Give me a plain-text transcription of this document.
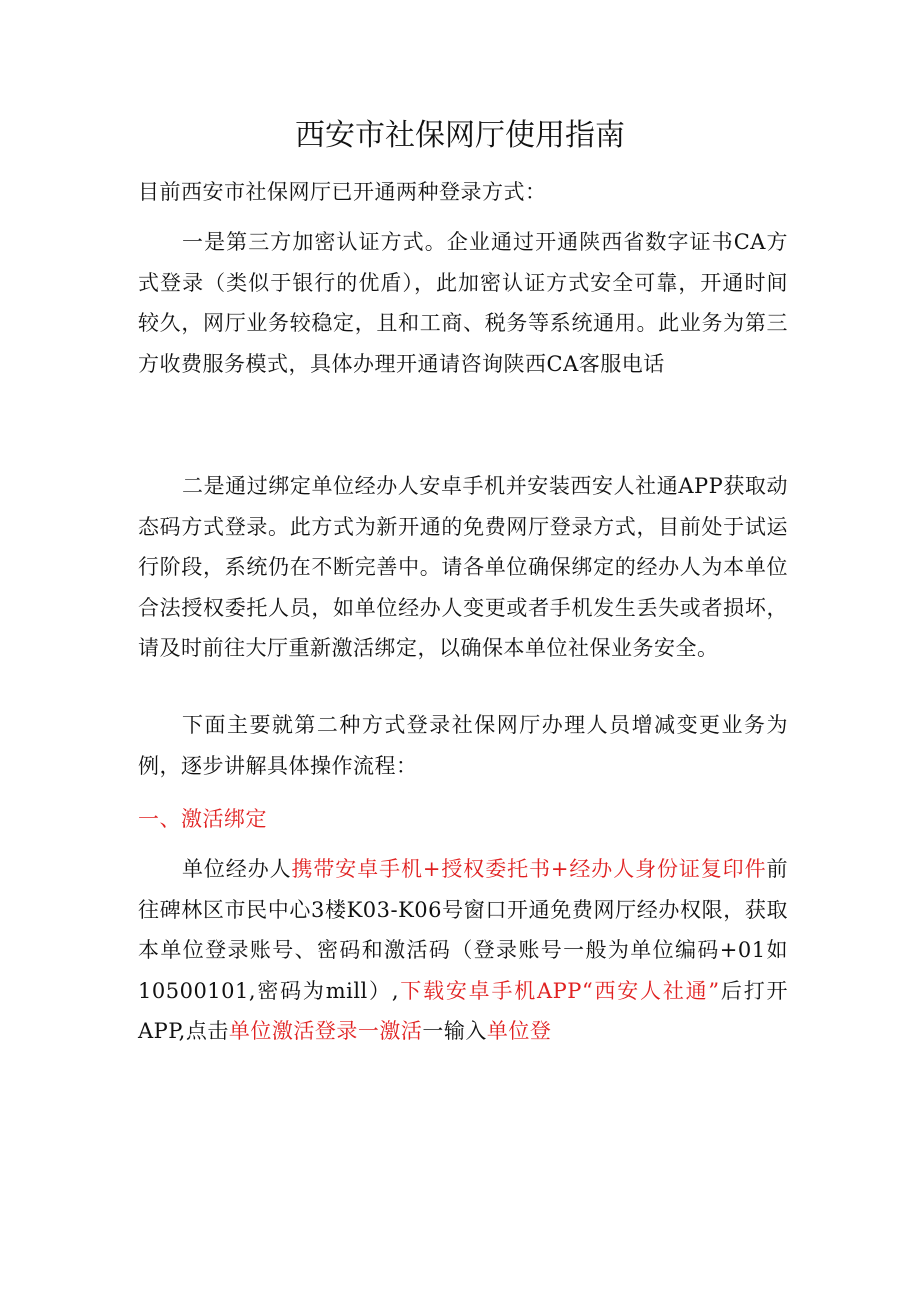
西安市社保网厅使用指南

目前西安市社保网厅已开通两种登录方式：

一是第三方加密认证方式。企业通过开通陕西省数字证书CA方式登录（类似于银行的优盾），此加密认证方式安全可靠，开通时间较久，网厅业务较稳定，且和工商、税务等系统通用。此业务为第三方收费服务模式，具体办理开通请咨询陕西CA客服电话

二是通过绑定单位经办人安卓手机并安装西安人社通APP获取动态码方式登录。此方式为新开通的免费网厅登录方式，目前处于试运行阶段，系统仍在不断完善中。请各单位确保绑定的经办人为本单位合法授权委托人员，如单位经办人变更或者手机发生丢失或者损坏，请及时前往大厅重新激活绑定，以确保本单位社保业务安全。

下面主要就第二种方式登录社保网厅办理人员增减变更业务为例，逐步讲解具体操作流程：

一、激活绑定

单位经办人携带安卓手机+授权委托书+经办人身份证复印件前往碑林区市民中心3楼K03-K06号窗口开通免费网厅经办权限，获取本单位登录账号、密码和激活码（登录账号一般为单位编码+01如10500101,密码为mill）,下载安卓手机APP“西安人社通”后打开APP,点击单位激活登录一激活一输入单位登
